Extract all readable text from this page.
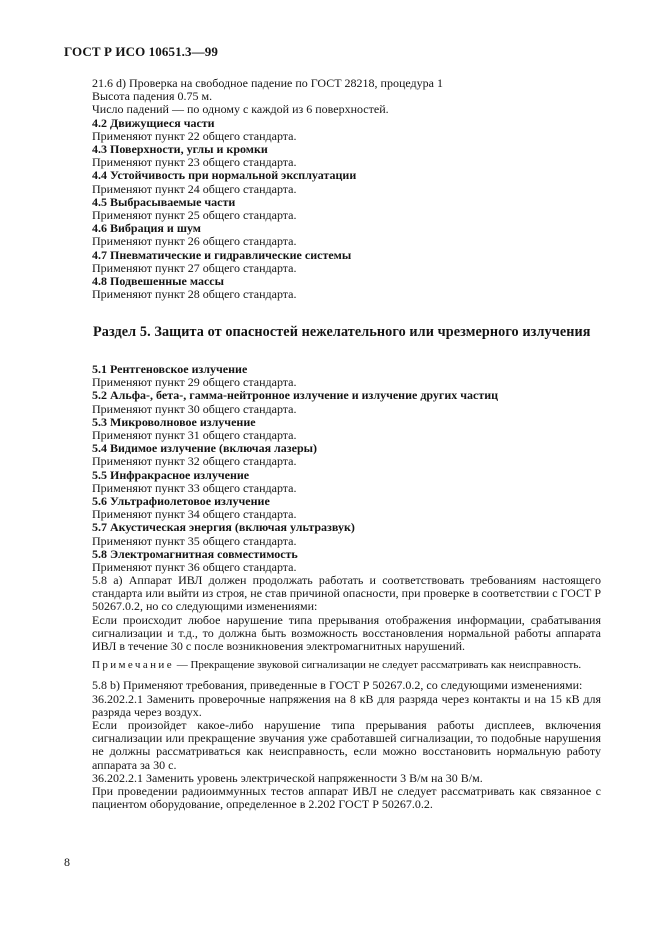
ГОСТ Р ИСО 10651.3—99

21.6 d) Проверка на свободное падение по ГОСТ 28218, процедура 1

Высота падения 0.75 м.

Число падений — по одному с каждой из 6 поверхностей.

4.2 Движущиеся части

Применяют пункт 22 общего стандарта.

4.3 Поверхности, углы и кромки

Применяют пункт 23 общего стандарта.

4.4 Устойчивость при нормальной эксплуатации

Применяют пункт 24 общего стандарта.

4.5 Выбрасываемые части

Применяют пункт 25 общего стандарта.

4.6 Вибрация и шум

Применяют пункт 26 общего стандарта.

4.7 Пневматические и гидравлические системы

Применяют пункт 27 общего стандарта.

4.8 Подвешенные массы

Применяют пункт 28 общего стандарта.

Раздел 5. Защита от опасностей нежелательного или чрезмерного излучения

5.1 Рентгеновское излучение

Применяют пункт 29 общего стандарта.

5.2 Альфа-, бета-, гамма-нейтронное излучение и излучение других частиц

Применяют пункт 30 общего стандарта.

5.3 Микроволновое излучение

Применяют пункт 31 общего стандарта.

5.4 Видимое излучение (включая лазеры)

Применяют пункт 32 общего стандарта.

5.5 Инфракрасное излучение

Применяют пункт 33 общего стандарта.

5.6 Ультрафиолетовое излучение

Применяют пункт 34 общего стандарта.

5.7 Акустическая энергия (включая ультразвук)

Применяют пункт 35 общего стандарта.

5.8 Электромагнитная совместимость

Применяют пункт 36 общего стандарта.

5.8 а) Аппарат ИВЛ должен продолжать работать и соответствовать требованиям настоящего стандарта или выйти из строя, не став причиной опасности, при проверке в соответствии с ГОСТ Р 50267.0.2, но со следующими изменениями:

Если происходит любое нарушение типа прерывания отображения информации, срабатывания сигнализации и т.д., то должна быть возможность восстановления нормальной работы аппарата ИВЛ в течение 30 с после возникновения электромагнитных нарушений.

Примечание — Прекращение звуковой сигнализации не следует рассматривать как неисправность.

5.8 b) Применяют требования, приведенные в ГОСТ Р 50267.0.2, со следующими изменениями:

36.202.2.1 Заменить проверочные напряжения на 8 кВ для разряда через контакты и на 15 кВ для разряда через воздух.

Если произойдет какое-либо нарушение типа прерывания работы дисплеев, включения сигнализации или прекращение звучания уже сработавшей сигнализации, то подобные нарушения не должны рассматриваться как неисправность, если можно восстановить нормальную работу аппарата за 30 с.

36.202.2.1 Заменить уровень электрической напряженности 3 В/м на 30 В/м.

При проведении радиоиммунных тестов аппарат ИВЛ не следует рассматривать как связанное с пациентом оборудование, определенное в 2.202 ГОСТ Р 50267.0.2.

8
